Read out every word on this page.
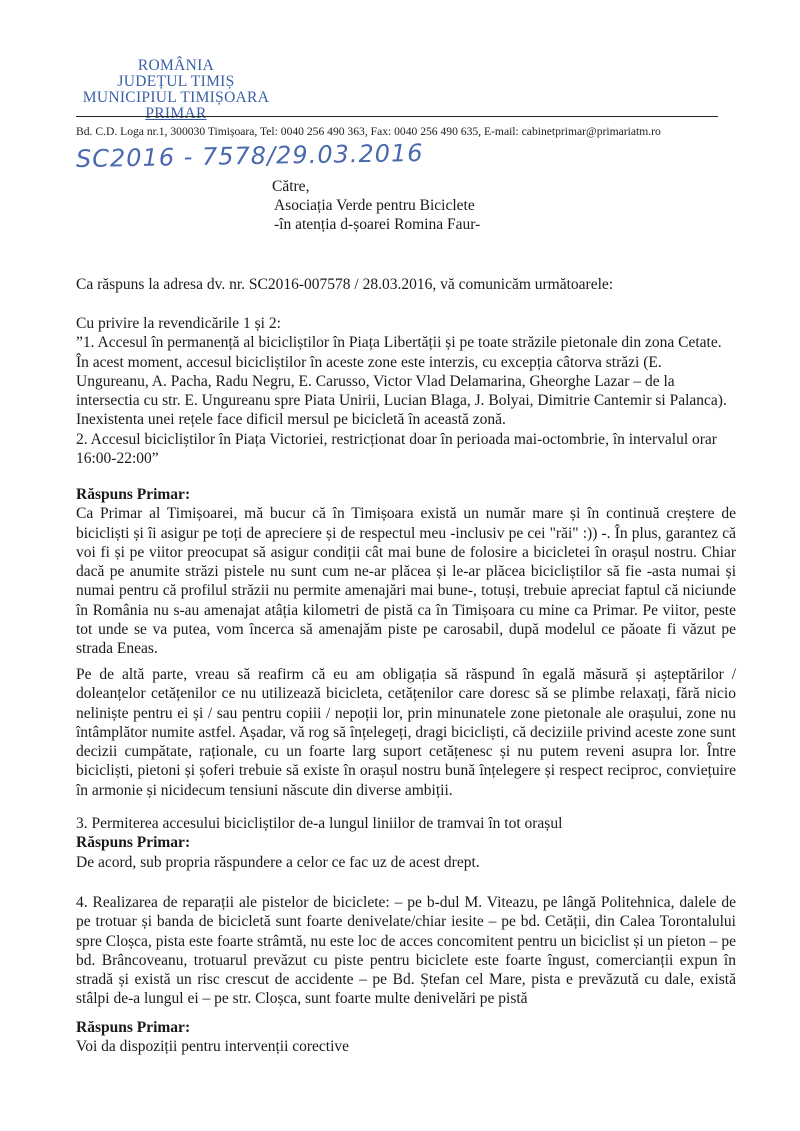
ROMÂNIA
JUDEȚUL TIMIȘ
MUNICIPIUL TIMIȘOARA
PRIMAR
Bd. C.D. Loga nr.1, 300030 Timișoara, Tel: 0040 256 490 363, Fax: 0040 256 490 635, E-mail: cabinetprimar@primariatm.ro
SC2016 - 7578/29.03.2016
Către,
Asociația Verde pentru Biciclete
-în atenția d-șoarei Romina Faur-
Ca răspuns la adresa dv. nr. SC2016-007578 / 28.03.2016, vă comunicăm următoarele:

Cu privire la revendicările 1 și 2:

”1. Accesul în permanență al bicicliștilor în Piața Libertății și pe toate străzile pietonale din zona Cetate. În acest moment, accesul bicicliștilor în aceste zone este interzis, cu excepția câtorva străzi (E. Ungureanu, A. Pacha, Radu Negru, E. Carusso, Victor Vlad Delamarina, Gheorghe Lazar – de la intersectia cu str. E. Ungureanu spre Piata Unirii, Lucian Blaga, J. Bolyai, Dimitrie Cantemir si Palanca). Inexistenta unei rețele face dificil mersul pe bicicletă în această zonă.

2. Accesul bicicliștilor în Piața Victoriei, restricționat doar în perioada mai-octombrie, în intervalul orar 16:00-22:00”

Răspuns Primar:

Ca Primar al Timișoarei, mă bucur că în Timișoara există un număr mare și în continuă creștere de bicicliști și îi asigur pe toți de apreciere și de respectul meu -inclusiv pe cei "răi" :)) -. În plus, garantez că voi fi și pe viitor preocupat să asigur condiții cât mai bune de folosire a bicicletei în orașul nostru. Chiar dacă pe anumite străzi pistele nu sunt cum ne-ar plăcea și le-ar plăcea bicicliștilor să fie -asta numai și numai pentru că profilul străzii nu permite amenajări mai bune-, totuși, trebuie apreciat faptul că niciunde în România nu s-au amenajat atâția kilometri de pistă ca în Timișoara cu mine ca Primar. Pe viitor, peste tot unde se va putea, vom încerca să amenajăm piste pe carosabil, după modelul ce păoate fi văzut pe strada Eneas.

Pe de altă parte, vreau să reafirm că eu am obligația să răspund în egală măsură și așteptărilor / doleanțelor cetățenilor ce nu utilizează bicicleta, cetățenilor care doresc să se plimbe relaxați, fără nicio neliniște pentru ei și / sau pentru copiii / nepoții lor, prin minunatele zone pietonale ale orașului, zone nu întâmplător numite astfel. Așadar, vă rog să înțelegeți, dragi bicicliști, că deciziile privind aceste zone sunt decizii cumpătate, raționale, cu un foarte larg suport cetățenesc și nu putem reveni asupra lor. Între bicicliști, pietoni și șoferi trebuie să existe în orașul nostru bună înțelegere și respect reciproc, conviețuire în armonie și nicidecum tensiuni născute din diverse ambiții.

3. Permiterea accesului bicicliștilor de-a lungul liniilor de tramvai în tot orașul

Răspuns Primar:

De acord, sub propria răspundere a celor ce fac uz de acest drept.

4. Realizarea de reparații ale pistelor de biciclete: – pe b-dul M. Viteazu, pe lângă Politehnica, dalele de pe trotuar și banda de bicicletă sunt foarte denivelate/chiar iesite – pe bd. Cetății, din Calea Torontalului spre Cloșca, pista este foarte strâmtă, nu este loc de acces concomitent pentru un biciclist și un pieton – pe bd. Brâncoveanu, trotuarul prevăzut cu piste pentru biciclete este foarte îngust, comercianții expun în stradă și există un risc crescut de accidente – pe Bd. Ștefan cel Mare, pista e prevăzută cu dale, există stâlpi de-a lungul ei – pe str. Cloșca, sunt foarte multe denivelări pe pistă

Răspuns Primar:

Voi da dispoziții pentru intervenții corective
